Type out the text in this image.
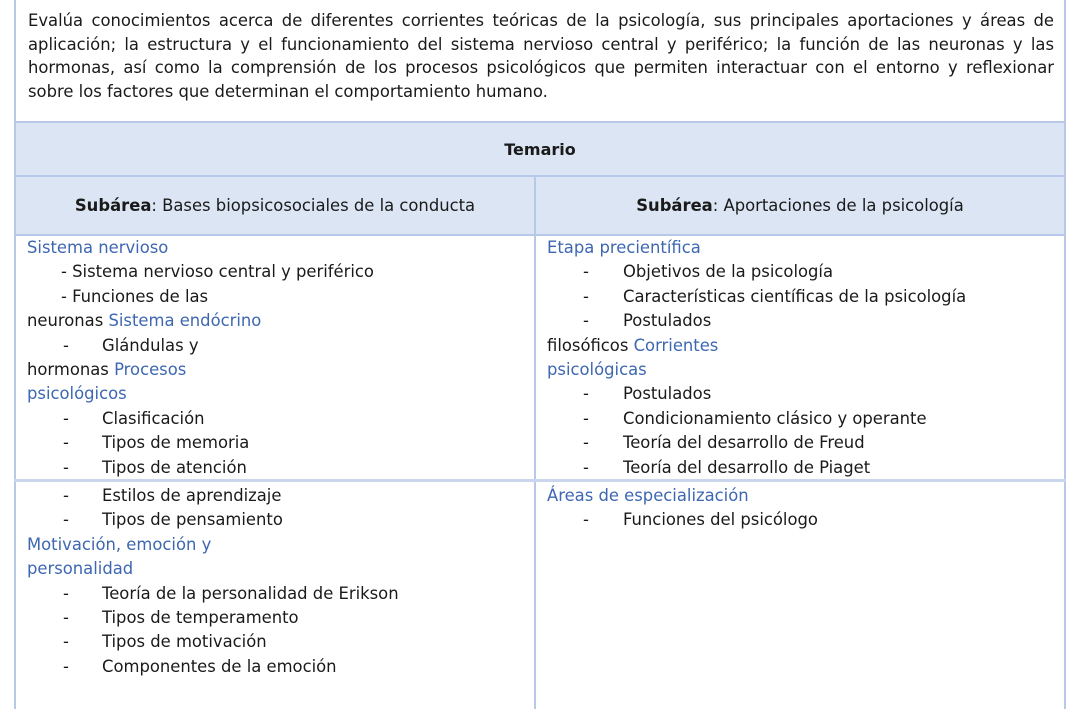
Evalúa conocimientos acerca de diferentes corrientes teóricas de la psicología, sus principales aportaciones y áreas de aplicación; la estructura y el funcionamiento del sistema nervioso central y periférico; la función de las neuronas y las hormonas, así como la comprensión de los procesos psicológicos que permiten interactuar con el entorno y reflexionar sobre los factores que determinan el comportamiento humano.
Temario
Subárea : Bases biopsicosociales de la conducta	Subárea : Aportaciones de la psicología
Sistema nervioso
- Sistema nervioso central y periférico
- Funciones de las
neuronas Sistema endócrino
- Glándulas y
hormonas Procesos
psicológicos
- Clasificación
- Tipos de memoria
- Tipos de atención
Etapa precientífica
- Objetivos de la psicología
- Características científicas de la psicología
- Postulados
filosóficos Corrientes
psicológicas
- Postulados
- Condicionamiento clásico y operante
- Teoría del desarrollo de Freud
- Teoría del desarrollo de Piaget
- Estilos de aprendizaje
- Tipos de pensamiento
Motivación, emoción y
personalidad
- Teoría de la personalidad de Erikson
- Tipos de temperamento
- Tipos de motivación
- Componentes de la emoción
Áreas de especialización
- Funciones del psicólogo
